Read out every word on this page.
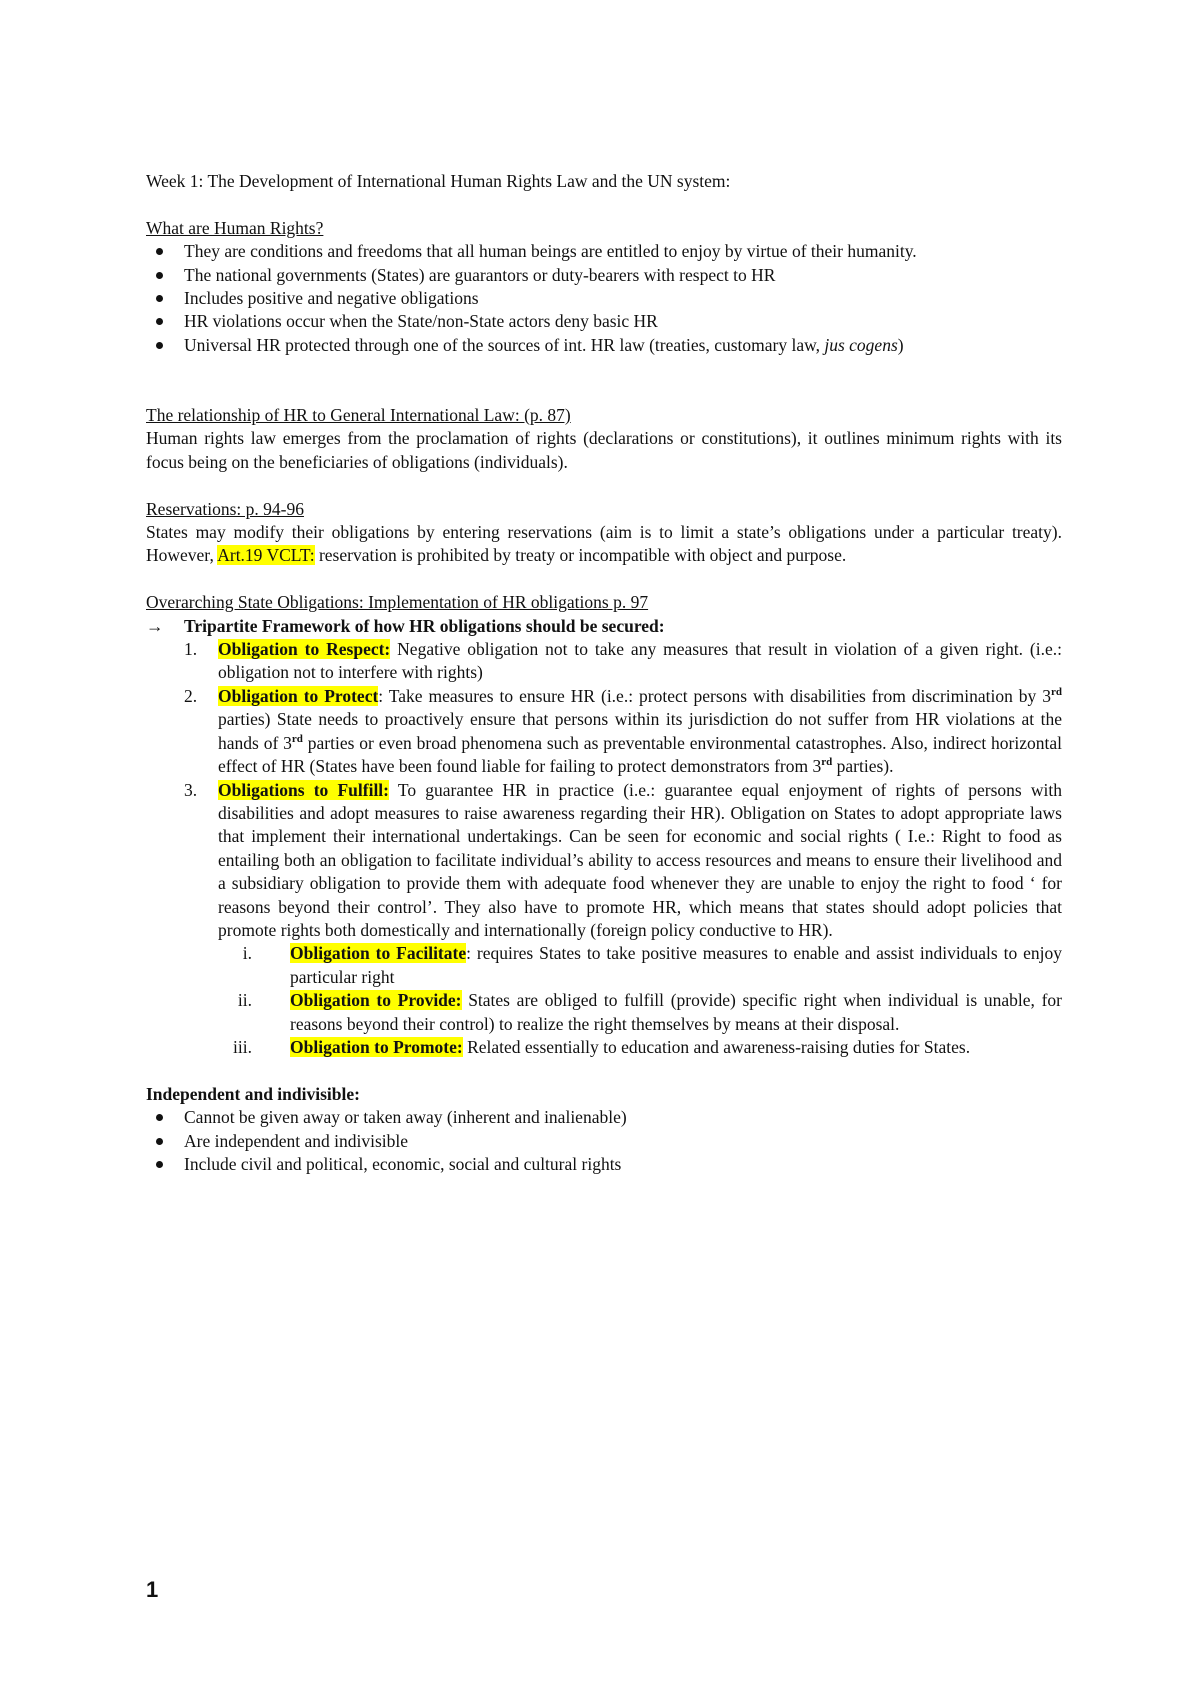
Week 1: The Development of International Human Rights Law and the UN system:

What are Human Rights?

They are conditions and freedoms that all human beings are entitled to enjoy by virtue of their humanity.
The national governments (States) are guarantors or duty-bearers with respect to HR
Includes positive and negative obligations
HR violations occur when the State/non-State actors deny basic HR
Universal HR protected through one of the sources of int. HR law (treaties, customary law, jus cogens)

The relationship of HR to General International Law: (p. 87)

Human rights law emerges from the proclamation of rights (declarations or constitutions), it outlines minimum rights with its focus being on the beneficiaries of obligations (individuals).

Reservations: p. 94-96

States may modify their obligations by entering reservations (aim is to limit a state’s obligations under a particular treaty). However, Art.19 VCLT: reservation is prohibited by treaty or incompatible with object and purpose.

Overarching State Obligations: Implementation of HR obligations p. 97

→ Tripartite Framework of how HR obligations should be secured:

1. Obligation to Respect: Negative obligation not to take any measures that result in violation of a given right. (i.e.: obligation not to interfere with rights)
2. Obligation to Protect: Take measures to ensure HR (i.e.: protect persons with disabilities from discrimination by 3rd parties) State needs to proactively ensure that persons within its jurisdiction do not suffer from HR violations at the hands of 3rd parties or even broad phenomena such as preventable environmental catastrophes. Also, indirect horizontal effect of HR (States have been found liable for failing to protect demonstrators from 3rd parties).
3. Obligations to Fulfill: To guarantee HR in practice (i.e.: guarantee equal enjoyment of rights of persons with disabilities and adopt measures to raise awareness regarding their HR). Obligation on States to adopt appropriate laws that implement their international undertakings. Can be seen for economic and social rights ( I.e.: Right to food as entailing both an obligation to facilitate individual’s ability to access resources and means to ensure their livelihood and a subsidiary obligation to provide them with adequate food whenever they are unable to enjoy the right to food ‘ for reasons beyond their control’. They also have to promote HR, which means that states should adopt policies that promote rights both domestically and internationally (foreign policy conductive to HR).
i. Obligation to Facilitate: requires States to take positive measures to enable and assist individuals to enjoy particular right
ii. Obligation to Provide: States are obliged to fulfill (provide) specific right when individual is unable, for reasons beyond their control) to realize the right themselves by means at their disposal.
iii. Obligation to Promote: Related essentially to education and awareness-raising duties for States.

Independent and indivisible:

Cannot be given away or taken away (inherent and inalienable)
Are independent and indivisible
Include civil and political, economic, social and cultural rights
1
